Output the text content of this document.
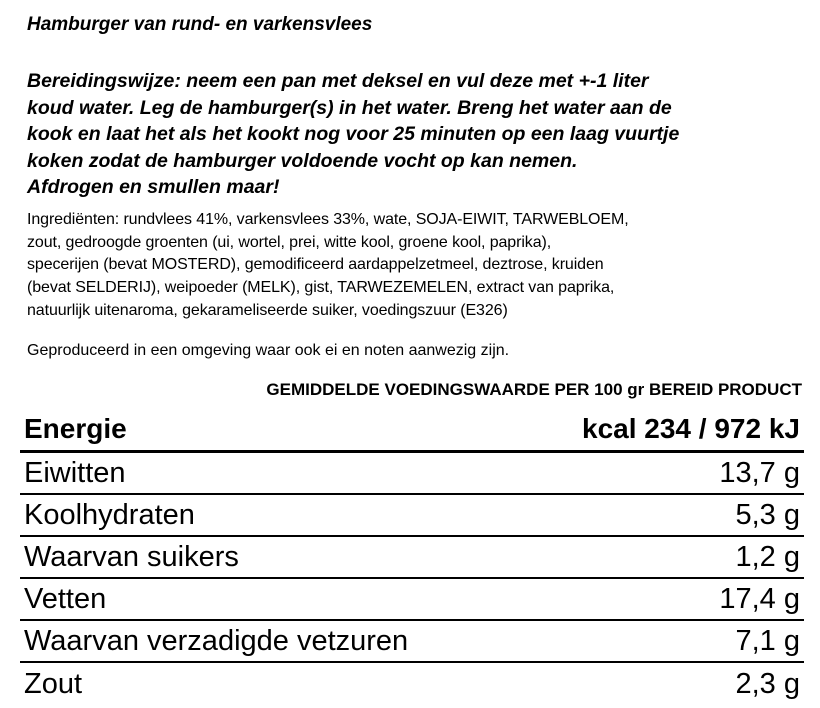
Hamburger van rund- en varkensvlees
Bereidingswijze: neem een pan met deksel en vul deze met +-1 liter
koud water. Leg de hamburger(s) in het water. Breng het water aan de
kook en laat het als het kookt nog voor 25 minuten op een laag vuurtje
koken zodat de hamburger voldoende vocht op kan nemen.
Afdrogen en smullen maar!
Ingrediënten: rundvlees 41%, varkensvlees 33%, wate, SOJA-EIWIT, TARWEBLOEM,
zout, gedroogde groenten (ui, wortel, prei, witte kool, groene kool, paprika),
specerijen (bevat MOSTERD), gemodificeerd aardappelzetmeel, deztrose, kruiden
(bevat SELDERIJ), weipoeder (MELK), gist, TARWEZEMELEN, extract van paprika,
natuurlijk uitenaroma, gekarameliseerde suiker, voedingszuur (E326)
Geproduceerd in een omgeving waar ook ei en noten aanwezig zijn.
GEMIDDELDE VOEDINGSWAARDE PER 100 gr BEREID PRODUCT
Energie	kcal 234 / 972 kJ
Eiwitten	13,7 g
Koolhydraten	5,3 g
Waarvan suikers	1,2 g
Vetten	17,4 g
Waarvan verzadigde vetzuren	7,1 g
Zout	2,3 g
